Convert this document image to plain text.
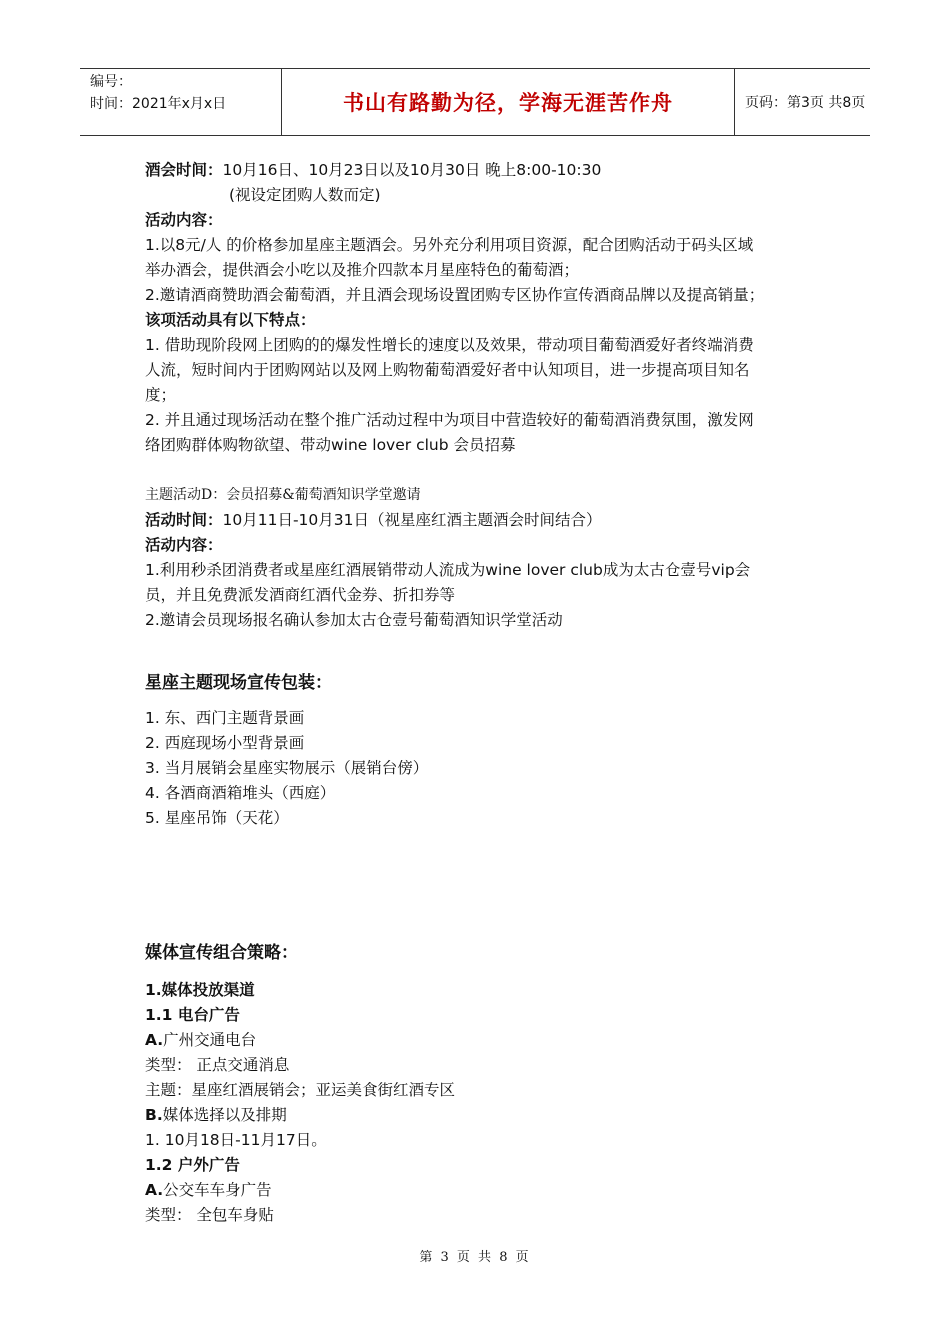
编号：
时间：2021年x月x日	书山有路勤为径，学海无涯苦作舟	页码：第3页 共8页
酒会时间：10月16日、10月23日以及10月30日 晚上8:00-10:30
(视设定团购人数而定)
活动内容：
1.以8元/人 的价格参加星座主题酒会。另外充分利用项目资源，配合团购活动于码头区域
举办酒会，提供酒会小吃以及推介四款本月星座特色的葡萄酒；
2.邀请酒商赞助酒会葡萄酒，并且酒会现场设置团购专区协作宣传酒商品牌以及提高销量；
该项活动具有以下特点：
1. 借助现阶段网上团购的的爆发性增长的速度以及效果，带动项目葡萄酒爱好者终端消费
人流，短时间内于团购网站以及网上购物葡萄酒爱好者中认知项目，进一步提高项目知名
度；
2. 并且通过现场活动在整个推广活动过程中为项目中营造较好的葡萄酒消费氛围，激发网
络团购群体购物欲望、带动wine lover club 会员招募
主题活动D：会员招募&葡萄酒知识学堂邀请
活动时间：10月11日-10月31日（视星座红酒主题酒会时间结合）
活动内容：
1.利用秒杀团消费者或星座红酒展销带动人流成为wine lover club成为太古仓壹号vip会
员，并且免费派发酒商红酒代金券、折扣券等
2.邀请会员现场报名确认参加太古仓壹号葡萄酒知识学堂活动
星座主题现场宣传包装：
1. 东、西门主题背景画
2. 西庭现场小型背景画
3. 当月展销会星座实物展示（展销台傍）
4. 各酒商酒箱堆头（西庭）
5. 星座吊饰（天花）
媒体宣传组合策略：
1.媒体投放渠道
1.1 电台广告
A.广州交通电台
类型： 正点交通消息
主题：星座红酒展销会；亚运美食街红酒专区
B.媒体选择以及排期
1. 10月18日-11月17日。
1.2 户外广告
A.公交车车身广告
类型： 全包车身贴
第 3 页 共 8 页
